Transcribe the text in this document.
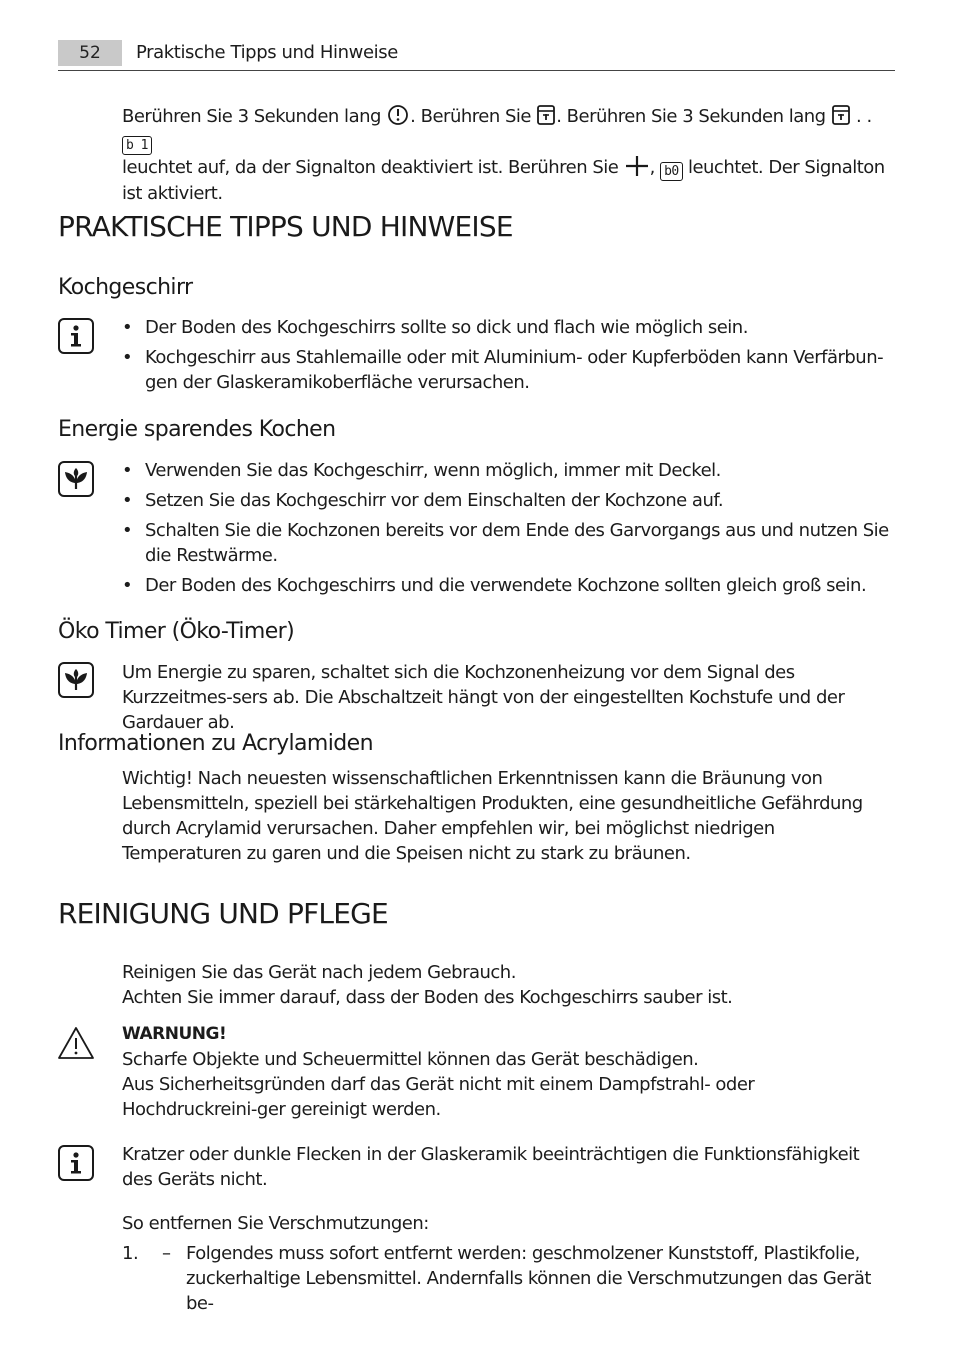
52	Praktische Tipps und Hinweise
Berühren Sie 3 Sekunden lang . Berühren Sie . Berühren Sie 3 Sekunden lang . . b 1
leuchtet auf, da der Signalton deaktiviert ist. Berühren Sie , b0 leuchtet. Der Signalton
ist aktiviert.
PRAKTISCHE TIPPS UND HINWEISE
Kochgeschirr
• Der Boden des Kochgeschirrs sollte so dick und flach wie möglich sein.
• Kochgeschirr aus Stahlemaille oder mit Aluminium- oder Kupferböden kann Verfärbun-gen der Glaskeramikoberfläche verursachen.
Energie sparendes Kochen
• Verwenden Sie das Kochgeschirr, wenn möglich, immer mit Deckel.
• Setzen Sie das Kochgeschirr vor dem Einschalten der Kochzone auf.
• Schalten Sie die Kochzonen bereits vor dem Ende des Garvorgangs aus und nutzen Sie die Restwärme.
• Der Boden des Kochgeschirrs und die verwendete Kochzone sollten gleich groß sein.
Öko Timer (Öko-Timer)
Um Energie zu sparen, schaltet sich die Kochzonenheizung vor dem Signal des Kurzzeitmes-sers ab. Die Abschaltzeit hängt von der eingestellten Kochstufe und der Gardauer ab.
Informationen zu Acrylamiden
Wichtig! Nach neuesten wissenschaftlichen Erkenntnissen kann die Bräunung von Lebensmitteln, speziell bei stärkehaltigen Produkten, eine gesundheitliche Gefährdung durch Acrylamid verursachen. Daher empfehlen wir, bei möglichst niedrigen Temperaturen zu garen und die Speisen nicht zu stark zu bräunen.
REINIGUNG UND PFLEGE
Reinigen Sie das Gerät nach jedem Gebrauch.
Achten Sie immer darauf, dass der Boden des Kochgeschirrs sauber ist.
WARNUNG!
Scharfe Objekte und Scheuermittel können das Gerät beschädigen.
Aus Sicherheitsgründen darf das Gerät nicht mit einem Dampfstrahl- oder Hochdruckreini-ger gereinigt werden.
Kratzer oder dunkle Flecken in der Glaskeramik beeinträchtigen die Funktionsfähigkeit des Geräts nicht.
So entfernen Sie Verschmutzungen:
1. – Folgendes muss sofort entfernt werden: geschmolzener Kunststoff, Plastikfolie, zuckerhaltige Lebensmittel. Andernfalls können die Verschmutzungen das Gerät be-
